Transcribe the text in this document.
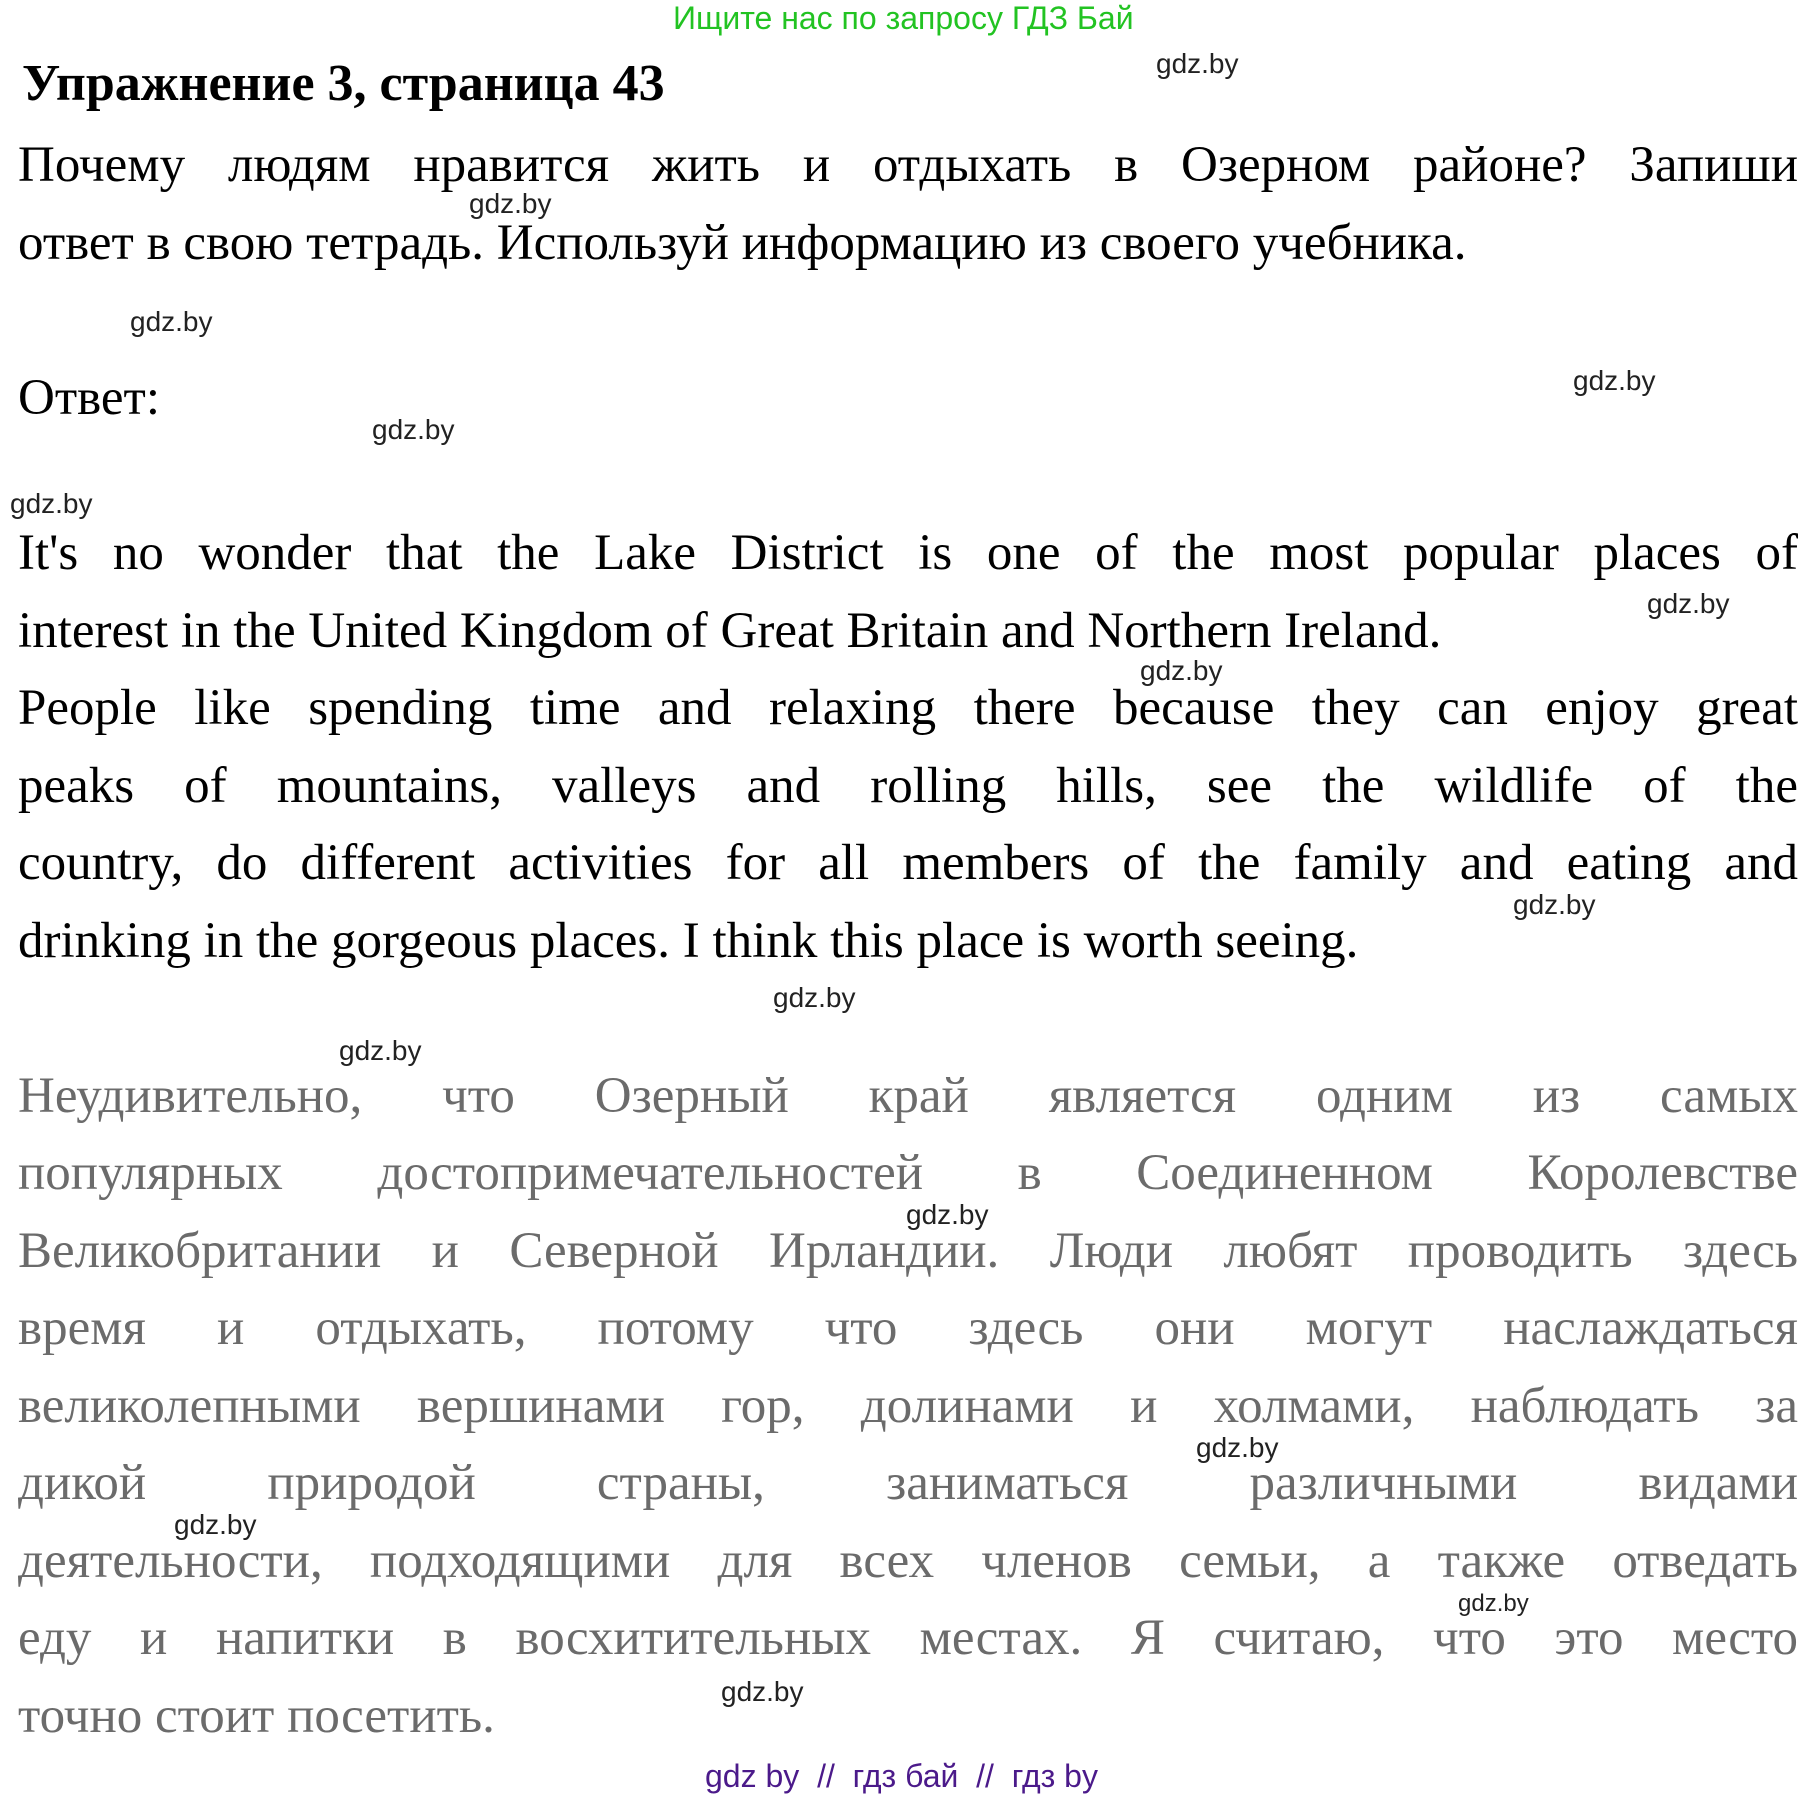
Ищите нас по запросу ГДЗ Бай
Упражнение 3, страница 43
Почему людям нравится жить и отдыхать в Озерном районе? Запиши
ответ в свою тетрадь. Используй информацию из своего учебника.
Ответ:
It's no wonder that the Lake District is one of the most popular places of
interest in the United Kingdom of Great Britain and Northern Ireland.
People like spending time and relaxing there because they can enjoy great
peaks of mountains, valleys and rolling hills, see the wildlife of the
country, do different activities for all members of the family and eating and
drinking in the gorgeous places. I think this place is worth seeing.
Неудивительно, что Озерный край является одним из самых
популярных достопримечательностей в Соединенном Королевстве
Великобритании и Северной Ирландии. Люди любят проводить здесь
время и отдыхать, потому что здесь они могут наслаждаться
великолепными вершинами гор, долинами и холмами, наблюдать за
дикой природой страны, заниматься различными видами
деятельности, подходящими для всех членов семьи, а также отведать
еду и напитки в восхитительных местах. Я считаю, что это место
точно стоит посетить.
gdz.by
gdz.by
gdz.by
gdz.by
gdz.by
gdz.by
gdz.by
gdz.by
gdz.by
gdz.by
gdz.by
gdz.by
gdz.by
gdz.by
gdz.by
gdz.by
gdz by  //  гдз бай  //  гдз by
